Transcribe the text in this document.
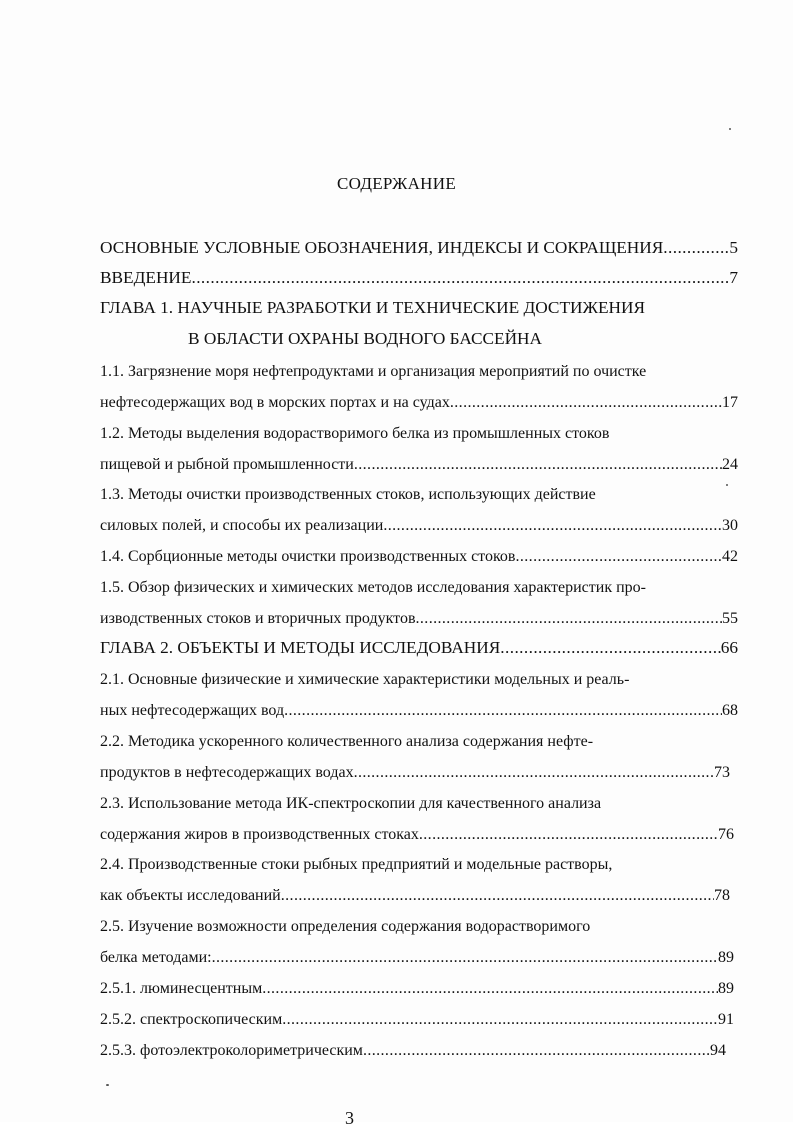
СОДЕРЖАНИЕ
ОСНОВНЫЕ УСЛОВНЫЕ ОБОЗНАЧЕНИЯ, ИНДЕКСЫ И СОКРАЩЕНИЯ .....	5
ВВЕДЕНИЕ .....	7
ГЛАВА 1. НАУЧНЫЕ РАЗРАБОТКИ И ТЕХНИЧЕСКИЕ ДОСТИЖЕНИЯ
В ОБЛАСТИ ОХРАНЫ ВОДНОГО БАССЕЙНА
1.1. Загрязнение моря нефтепродуктами и организация мероприятий по очистке
нефтесодержащих вод в морских портах и на судах .....	17
1.2. Методы выделения водорастворимого белка из промышленных стоков
пищевой и рыбной промышленности .....	24
1.3. Методы очистки производственных стоков, использующих действие
силовых полей, и способы их реализации .....	30
1.4. Сорбционные методы очистки производственных стоков .....	42
1.5. Обзор физических и химических методов исследования характеристик про-
изводственных стоков и вторичных продуктов .....	55
ГЛАВА 2. ОБЪЕКТЫ И МЕТОДЫ ИССЛЕДОВАНИЯ .....	66
2.1. Основные физические и химические характеристики модельных и реаль-
ных нефтесодержащих вод .....	68
2.2. Методика ускоренного количественного анализа содержания нефте-
продуктов в нефтесодержащих водах .....	73
2.3. Использование метода ИК-спектроскопии для качественного анализа
содержания жиров в производственных стоках .....	76
2.4. Производственные стоки рыбных предприятий и модельные растворы,
как объекты исследований .....	78
2.5. Изучение возможности определения содержания водорастворимого
белка методами: .....	89
2.5.1. люминесцентным .....	89
2.5.2. спектроскопическим .....	91
2.5.3. фотоэлектроколориметрическим .....	94
3
